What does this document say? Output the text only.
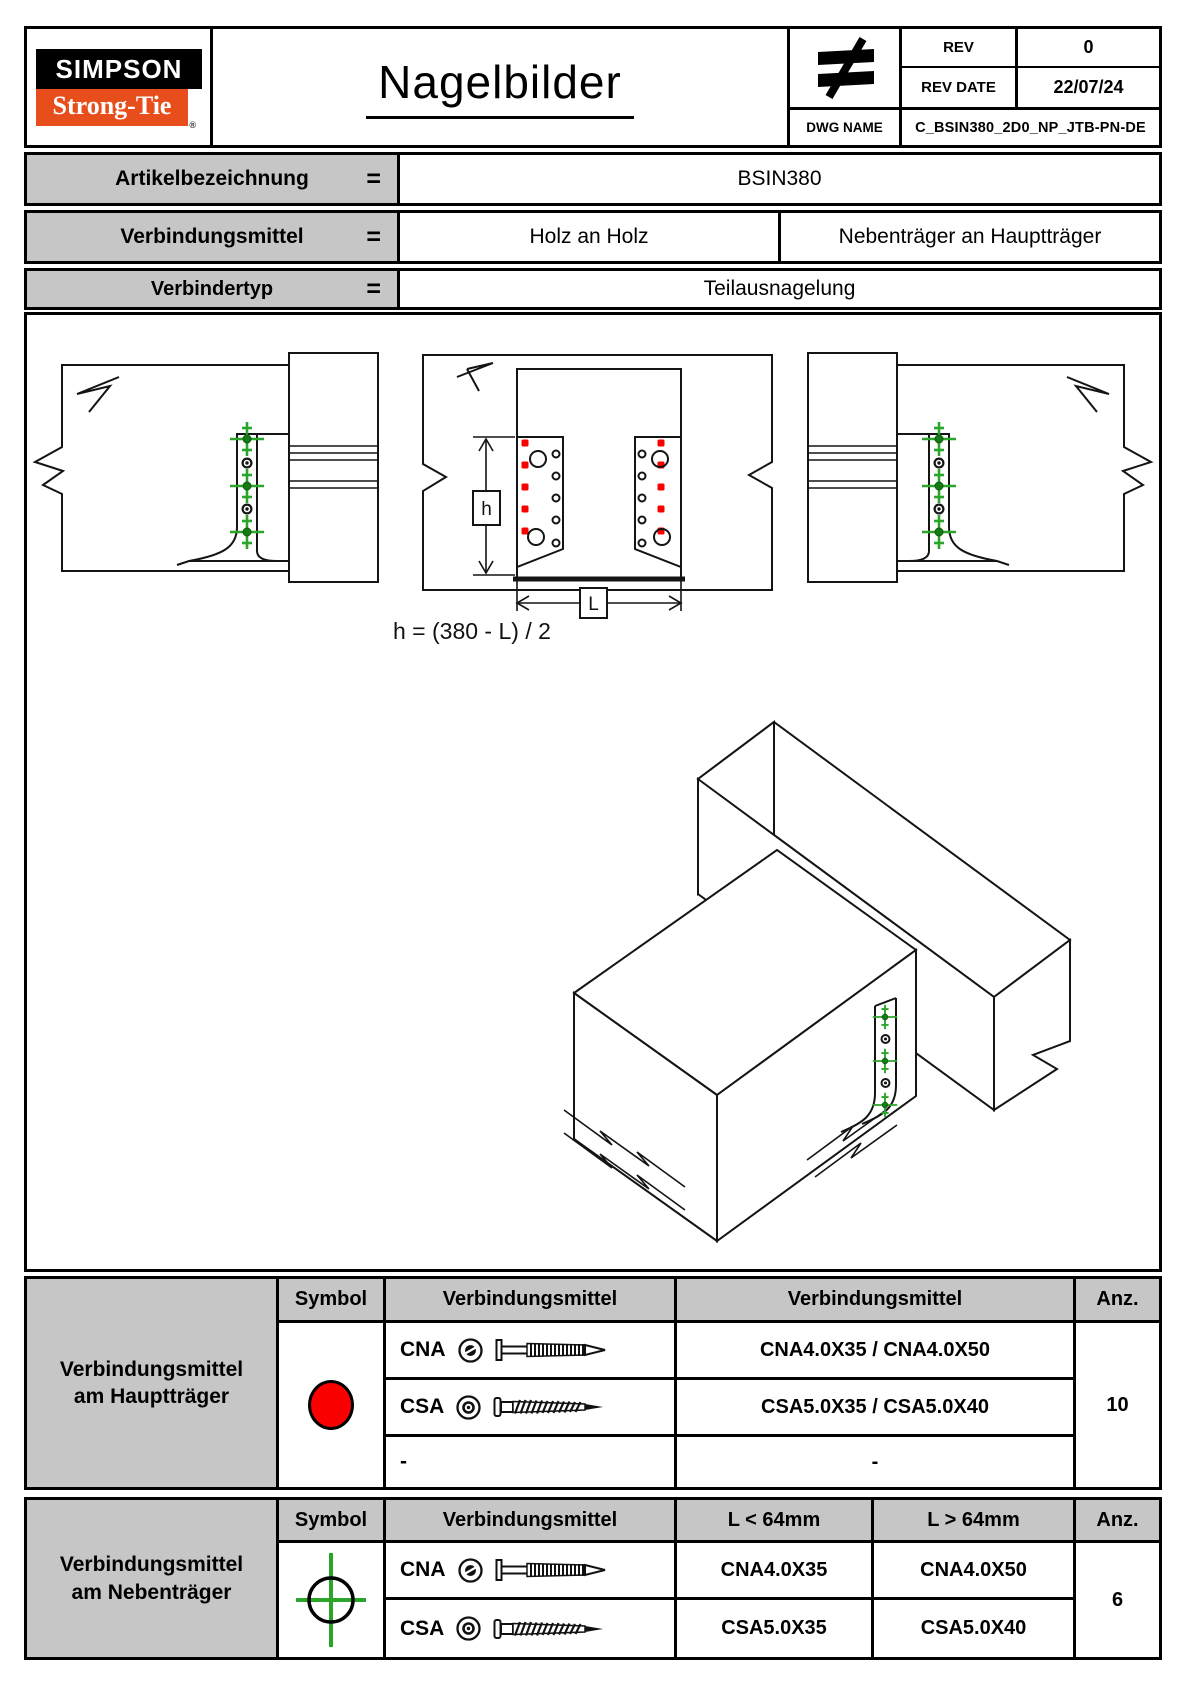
SIMPSON
Strong-Tie
®
Nagelbilder
REV	0
REV DATE	22/07/24
DWG NAME	C_BSIN380_2D0_NP_JTB-PN-DE
Artikelbezeichnung =	BSIN380
Verbindungsmittel	=	Holz an Holz	Nebenträger an Hauptträger
Verbindertyp	=	Teilausnagelung
h
L
h = (380 - L) / 2
Verbindungsmittel am Hauptträger
Symbol	Verbindungsmittel	Verbindungsmittel	Anz.
CNA	CNA4.0X35 / CNA4.0X50
10
CSA	CSA5.0X35 / CSA5.0X40
-	-
Verbindungsmittel am Nebenträger
Symbol	Verbindungsmittel	L < 64mm	L > 64mm	Anz.
CNA	CNA4.0X35	CNA4.0X50
6
CSA	CSA5.0X35	CSA5.0X40
